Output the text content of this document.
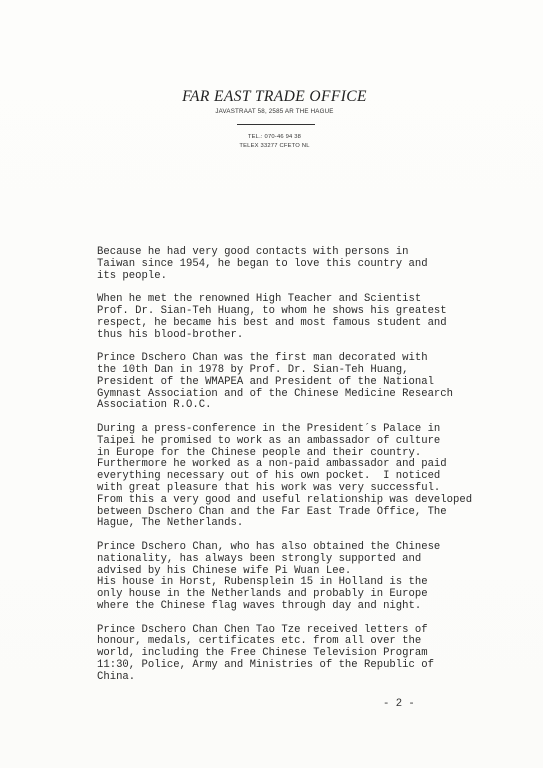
FAR EAST TRADE OFFICE
JAVASTRAAT 58, 2585 AR THE HAGUE
TEL.: 070-46 94 38
TELEX 33277 CFETO NL

Because he had very good contacts with persons in
Taiwan since 1954, he began to love this country and
its people.

When he met the renowned High Teacher and Scientist
Prof. Dr. Sian-Teh Huang, to whom he shows his greatest
respect, he became his best and most famous student and
thus his blood-brother.

Prince Dschero Chan was the first man decorated with
the 10th Dan in 1978 by Prof. Dr. Sian-Teh Huang,
President of the WMAPEA and President of the National
Gymnast Association and of the Chinese Medicine Research
Association R.O.C.

During a press-conference in the President´s Palace in
Taipei he promised to work as an ambassador of culture
in Europe for the Chinese people and their country.
Furthermore he worked as a non-paid ambassador and paid
everything necessary out of his own pocket.  I noticed
with great pleasure that his work was very successful.
From this a very good and useful relationship was developed
between Dschero Chan and the Far East Trade Office, The
Hague, The Netherlands.

Prince Dschero Chan, who has also obtained the Chinese
nationality, has always been strongly supported and
advised by his Chinese wife Pi Wuan Lee.
His house in Horst, Rubensplein 15 in Holland is the
only house in the Netherlands and probably in Europe
where the Chinese flag waves through day and night.

Prince Dschero Chan Chen Tao Tze received letters of
honour, medals, certificates etc. from all over the
world, including the Free Chinese Television Program
11:30, Police, Army and Ministries of the Republic of
China.

- 2 -
